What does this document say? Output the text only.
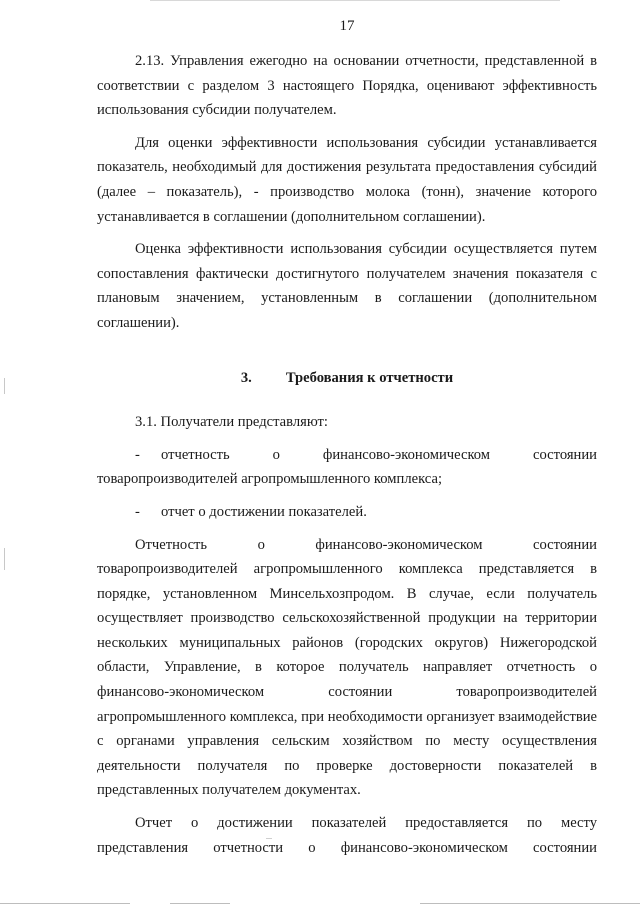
17

2.13. Управления ежегодно на основании отчетности, представленной в соответствии с разделом 3 настоящего Порядка, оценивают эффективность использования субсидии получателем.

Для оценки эффективности использования субсидии устанавливается показатель, необходимый для достижения результата предоставления субсидий (далее – показатель), - производство молока (тонн), значение которого устанавливается в соглашении (дополнительном соглашении).

Оценка эффективности использования субсидии осуществляется путем сопоставления фактически достигнутого получателем значения показателя с плановым значением, установленным в соглашении (дополнительном соглашении).

3. Требования к отчетности

3.1. Получатели представляют:

- отчетность о финансово-экономическом состоянии товаропроизводителей агропромышленного комплекса;

- отчет о достижении показателей.

Отчетность о финансово-экономическом состоянии товаропроизводителей агропромышленного комплекса представляется в порядке, установленном Минсельхозпродом. В случае, если получатель осуществляет производство сельскохозяйственной продукции на территории нескольких муниципальных районов (городских округов) Нижегородской области, Управление, в которое получатель направляет отчетность о финансово-экономическом состоянии товаропроизводителей агропромышленного комплекса, при необходимости организует взаимодействие с органами управления сельским хозяйством по месту осуществления деятельности получателя по проверке достоверности показателей в представленных получателем документах.

Отчет о достижении показателей предоставляется по месту представления отчетности о финансово-экономическом состоянии
